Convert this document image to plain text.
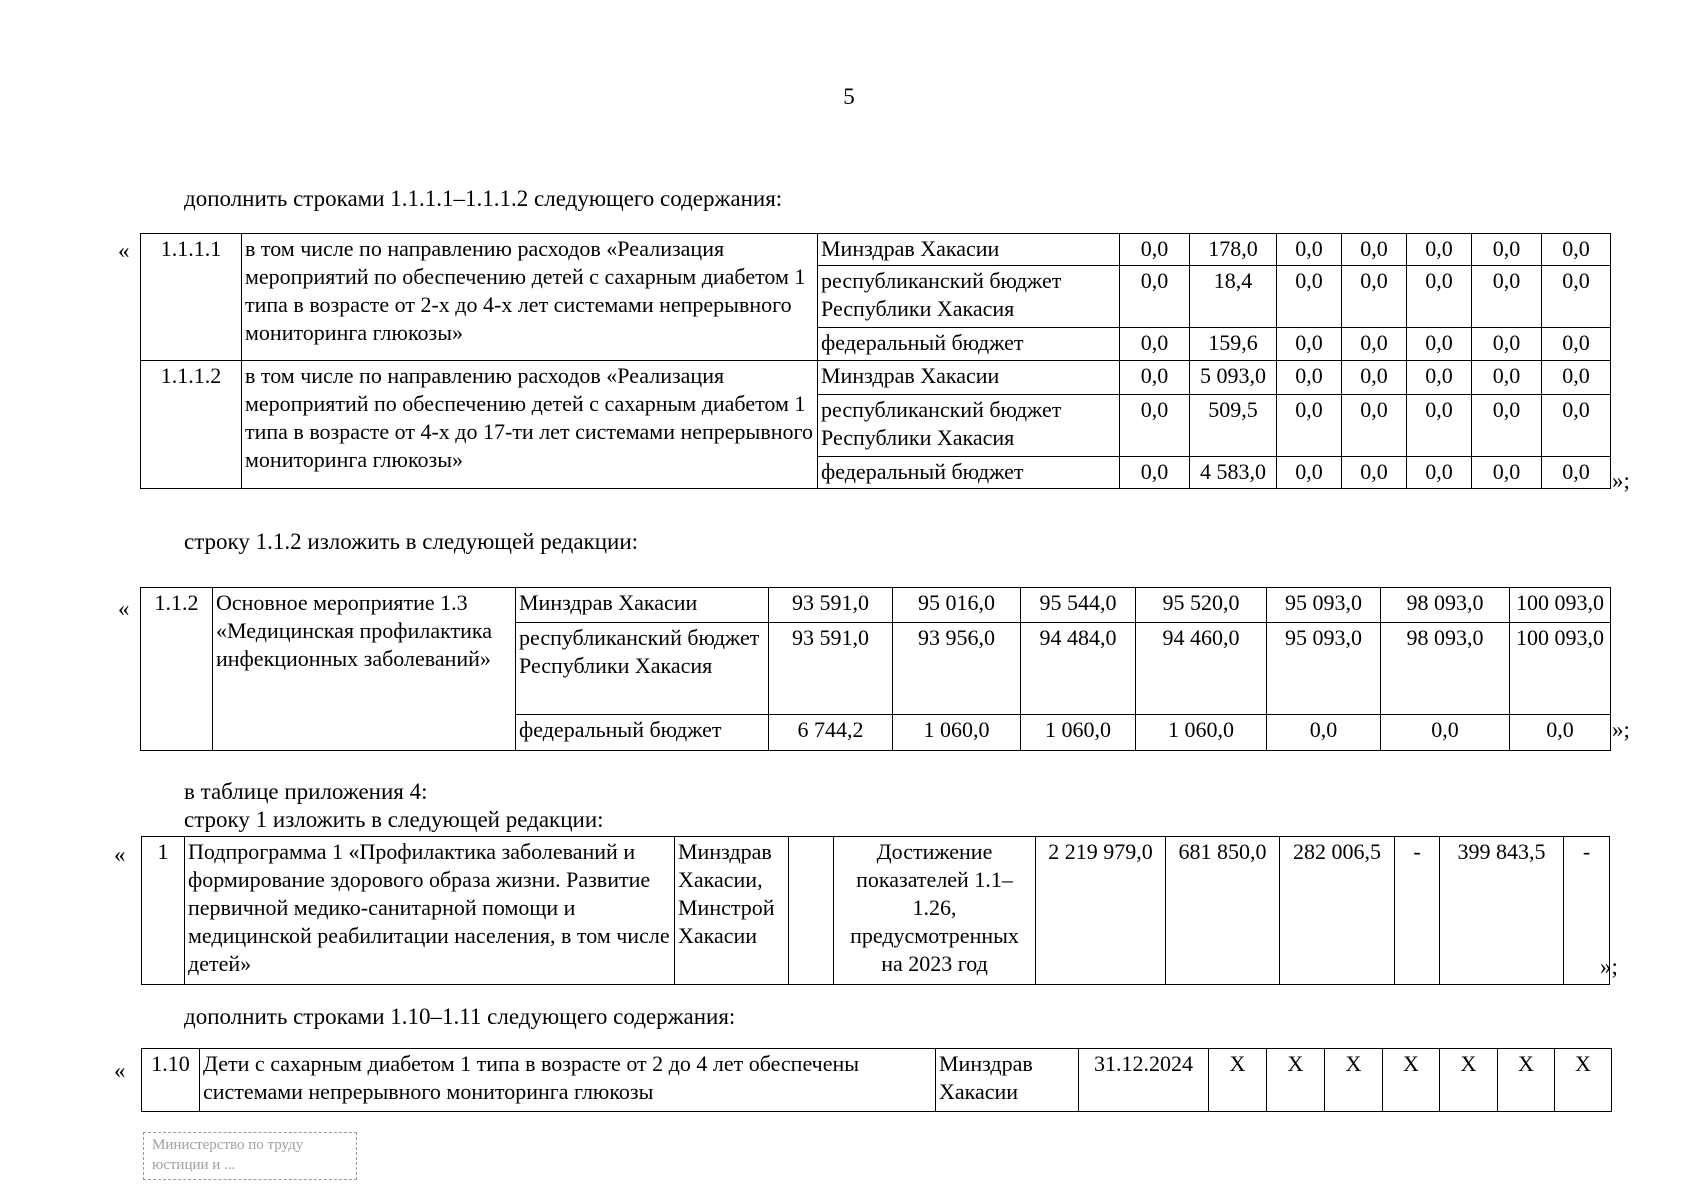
5
дополнить строками 1.1.1.1–1.1.1.2 следующего содержания:
« 1.1.1.1	в том числе по направлению расходов «Реализация мероприятий по обеспечению детей с сахарным диабетом 1 типа в возрасте от 2-х до 4-х лет системами непрерывного мониторинга глюкозы»	Минздрав Хакасии	0,0	178,0	0,0	0,0	0,0	0,0	0,0
		республиканский бюджет Республики Хакасия	0,0	18,4	0,0	0,0	0,0	0,0	0,0
		федеральный бюджет	0,0	159,6	0,0	0,0	0,0	0,0	0,0
1.1.1.2	в том числе по направлению расходов «Реализация мероприятий по обеспечению детей с сахарным диабетом 1 типа в возрасте от 4-х до 17-ти лет системами непрерывного мониторинга глюкозы»	Минздрав Хакасии	0,0	5 093,0	0,0	0,0	0,0	0,0	0,0
		республиканский бюджет Республики Хакасия	0,0	509,5	0,0	0,0	0,0	0,0	0,0
		федеральный бюджет	0,0	4 583,0	0,0	0,0	0,0	0,0	0,0 »;
строку 1.1.2 изложить в следующей редакции:
« 1.1.2	Основное мероприятие 1.3 «Медицинская профилактика инфекционных заболеваний»	Минздрав Хакасии	93 591,0	95 016,0	95 544,0	95 520,0	95 093,0	98 093,0	100 093,0
		республиканский бюджет Республики Хакасия	93 591,0	93 956,0	94 484,0	94 460,0	95 093,0	98 093,0	100 093,0
		федеральный бюджет	6 744,2	1 060,0	1 060,0	1 060,0	0,0	0,0	0,0 »;
в таблице приложения 4:
строку 1 изложить в следующей редакции:
« 1	Подпрограмма 1 «Профилактика заболеваний и формирование здорового образа жизни. Развитие первичной медико-санитарной помощи и медицинской реабилитации населения, в том числе детей»	Минздрав Хакасии, Минстрой Хакасии		Достижение показателей 1.1–1.26, предусмотренных на 2023 год	2 219 979,0	681 850,0	282 006,5	-	399 843,5	-
»;
дополнить строками 1.10–1.11 следующего содержания:
« 1.10	Дети с сахарным диабетом 1 типа в возрасте от 2 до 4 лет обеспечены системами непрерывного мониторинга глюкозы	Минздрав Хакасии	31.12.2024	X	X	X	X	X	X	X
Министерство по труду
юстиции и ...
